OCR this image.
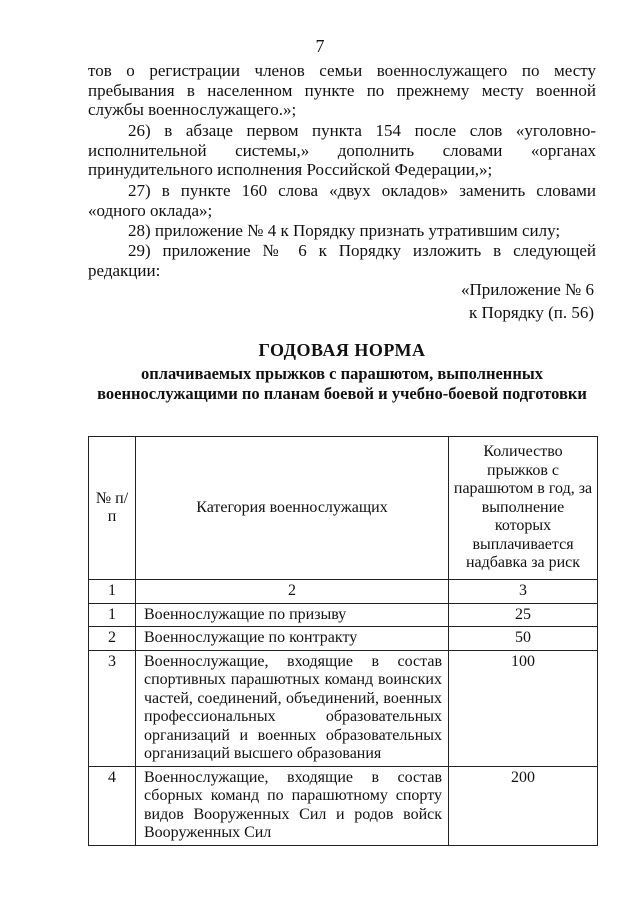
7
тов о регистрации членов семьи военнослужащего по месту пребывания в населенном пункте по прежнему месту военной службы военнослужащего.»;
26) в абзаце первом пункта 154 после слов «уголовно-исполнительной системы,» дополнить словами «органах принудительного исполнения Российской Федерации,»;
27) в пункте 160 слова «двух окладов» заменить словами «одного оклада»;
28) приложение № 4 к Порядку признать утратившим силу;
29) приложение № 6 к Порядку изложить в следующей редакции:
«Приложение № 6
к Порядку (п. 56)
ГОДОВАЯ НОРМА
оплачиваемых прыжков с парашютом, выполненных военнослужащими по планам боевой и учебно-боевой подготовки
№ п/п	Категория военнослужащих	Количество прыжков с парашютом в год, за выполнение которых выплачивается надбавка за риск
1	2	3
1	Военнослужащие по призыву	25
2	Военнослужащие по контракту	50
3	Военнослужащие, входящие в состав спортивных парашютных команд воинских частей, соединений, объединений, военных профессиональных образовательных организаций и военных образовательных организаций высшего образования	100
4	Военнослужащие, входящие в состав сборных команд по парашютному спорту видов Вооруженных Сил и родов войск Вооруженных Сил	200
